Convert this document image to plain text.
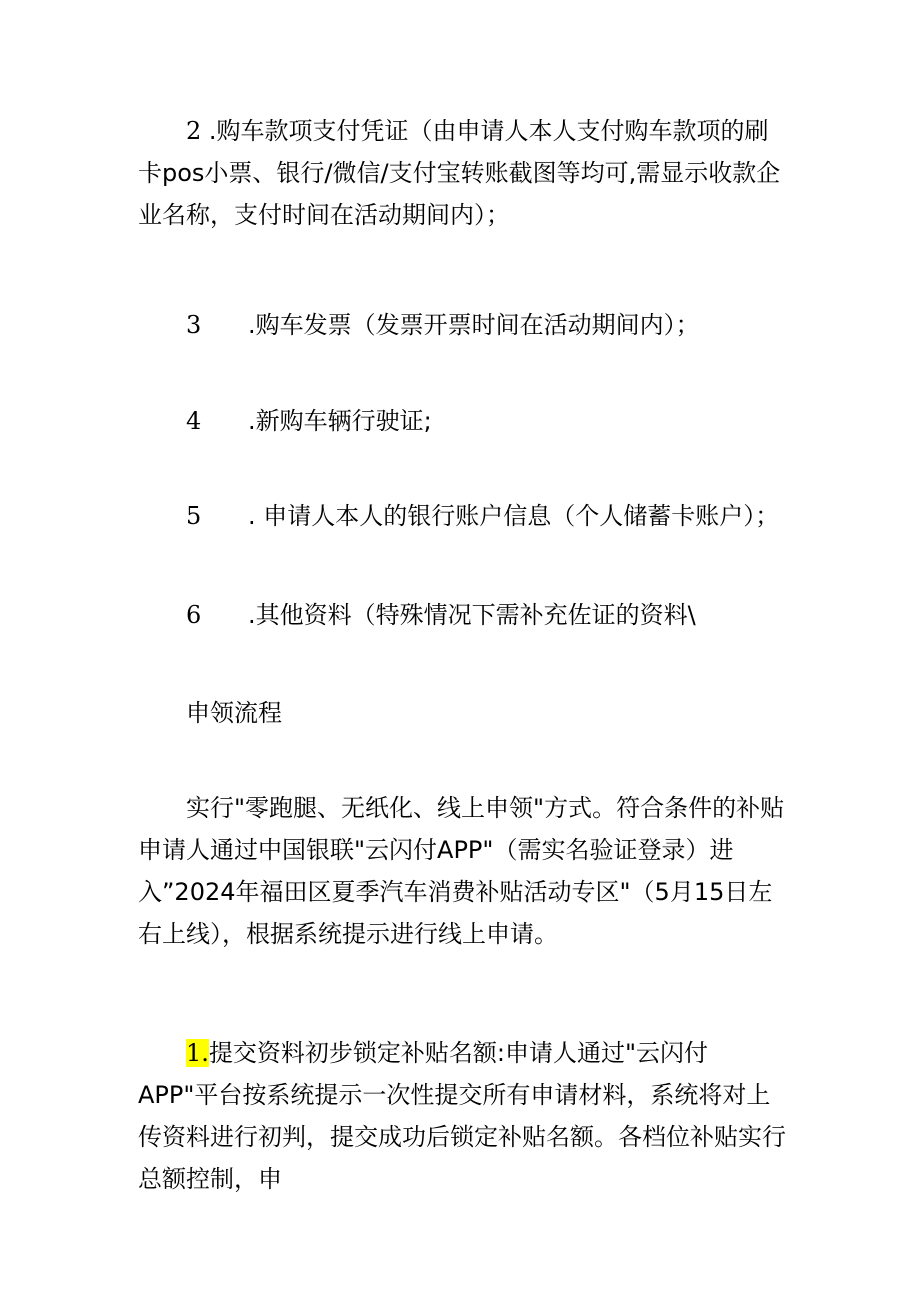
2 .购车款项支付凭证（由申请人本人支付购车款项的刷卡pos小票、银行/微信/支付宝转账截图等均可,需显示收款企业名称，支付时间在活动期间内）；

3 .购车发票（发票开票时间在活动期间内）；
4 .新购车辆行驶证;
5 . 申请人本人的银行账户信息（个人储蓄卡账户）；
6 .其他资料（特殊情况下需补充佐证的资料\
申领流程

实行"零跑腿、无纸化、线上申领"方式。符合条件的补贴申请人通过中国银联"云闪付APP"（需实名验证登录）进入”2024年福田区夏季汽车消费补贴活动专区"（5月15日左右上线），根据系统提示进行线上申请。

1.提交资料初步锁定补贴名额:申请人通过"云闪付APP"平台按系统提示一次性提交所有申请材料，系统将对上传资料进行初判，提交成功后锁定补贴名额。各档位补贴实行总额控制，申
